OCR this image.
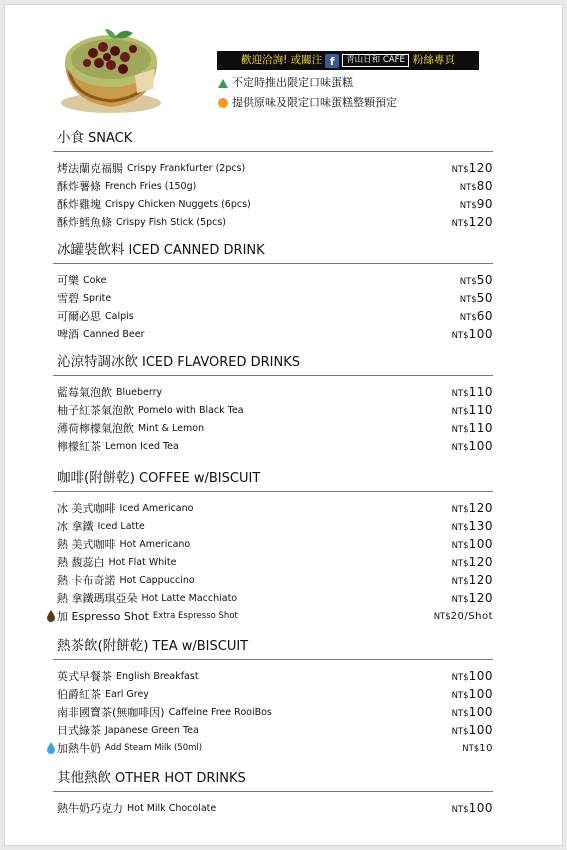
歡迎洽詢! 或關注 f	青山日和 CAFE 粉絲專頁
不定時推出限定口味蛋糕
提供原味及限定口味蛋糕整顆預定
小食 SNACK
烤法蘭克福腸 Crispy Frankfurter (2pcs)	NT$120
酥炸薯條 French Fries (150g)	NT$80
酥炸雞塊 Crispy Chicken Nuggets (6pcs)	NT$90
酥炸鱈魚條 Crispy Fish Stick (5pcs)	NT$120
冰罐裝飲料 ICED CANNED DRINK
可樂 Coke	NT$50
雪碧 Sprite	NT$50
可爾必思 Calpis	NT$60
啤酒 Canned Beer	NT$100
沁涼特調冰飲 ICED FLAVORED DRINKS
藍莓氣泡飲 Blueberry	NT$110
柚子紅茶氣泡飲 Pomelo with Black Tea	NT$110
薄荷檸檬氣泡飲 Mint & Lemon	NT$110
檸檬紅茶 Lemon Iced Tea	NT$100
咖啡(附餅乾) COFFEE w/BISCUIT
冰 美式咖啡 Iced Americano	NT$120
冰 拿鐵 Iced Latte	NT$130
熱 美式咖啡 Hot Americano	NT$100
熱 馥蕊白 Hot Flat White	NT$120
熱 卡布奇諾 Hot Cappuccino	NT$120
熱 拿鐵瑪琪亞朵 Hot Latte Macchiato	NT$120
加 Espresso Shot Extra Espresso Shot	NT$20/Shot
熱茶飲(附餅乾) TEA w/BISCUIT
英式早餐茶 English Breakfast	NT$100
伯爵紅茶 Earl Grey	NT$100
南非國寶茶(無咖啡因) Caffeine Free RooiBos	NT$100
日式綠茶 Japanese Green Tea	NT$100
加熱牛奶 Add Steam Milk (50ml)	NT$10
其他熱飲 OTHER HOT DRINKS
熱牛奶巧克力 Hot Milk Chocolate	NT$100
